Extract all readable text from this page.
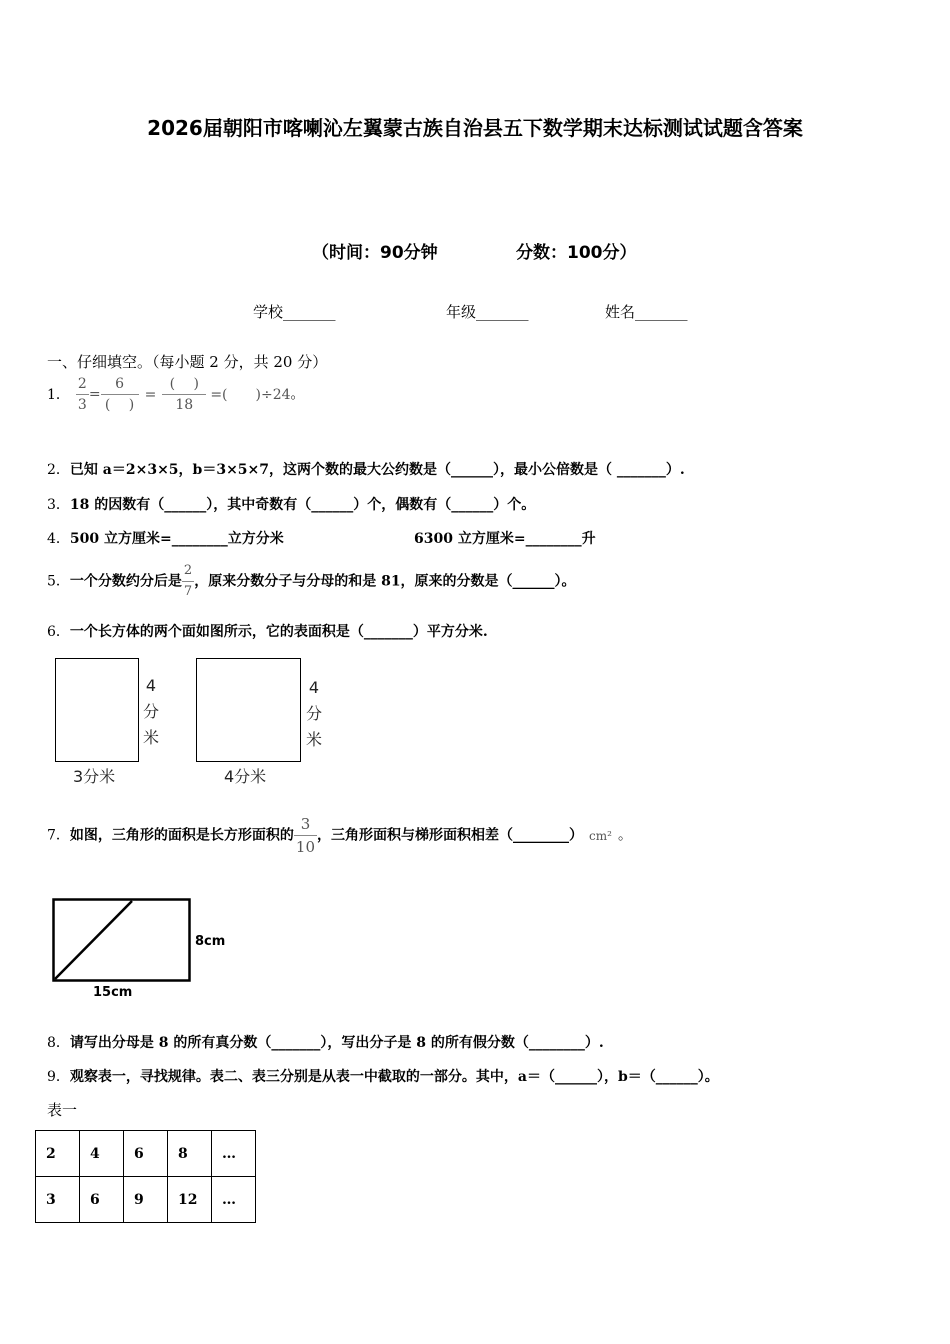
2026届朝阳市喀喇沁左翼蒙古族自治县五下数学期末达标测试试题含答案
（时间：90分钟	分数：100分）
学校_______	年级_______	姓名_______
一、仔细填空。（每小题 2 分，共 20 分）
1． $\frac{2}{3} = \frac{6}{( )} = \frac{( )}{18}$ =(　　)÷24。
2．已知 a＝2×3×5，b＝3×5×7，这两个数的最大公约数是（______），最小公倍数是（ _______）.
3．18 的因数有（______），其中奇数有（______）个，偶数有（______）个。
4．500 立方厘米=________立方分米	6300 立方厘米=________升
5．一个分数约分后是 $\frac{2}{7}$ ，原来分数分子与分母的和是 81，原来的分数是（______）。
6．一个长方体的两个面如图所示，它的表面积是（_______）平方分米.
4
分
米
3分米
4
分
米
4分米
7．如图，三角形的面积是长方形面积的 $\frac{3}{10}$ ，三角形面积与梯形面积相差（________） cm² 。
8cm
15cm
8．请写出分母是 8 的所有真分数（_______），写出分子是 8 的所有假分数（________）.
9．观察表一，寻找规律。表二、表三分别是从表一中截取的一部分。其中，a＝（______），b＝（______）。
表一
2	4	6	8	…
3	6	9	12	…
